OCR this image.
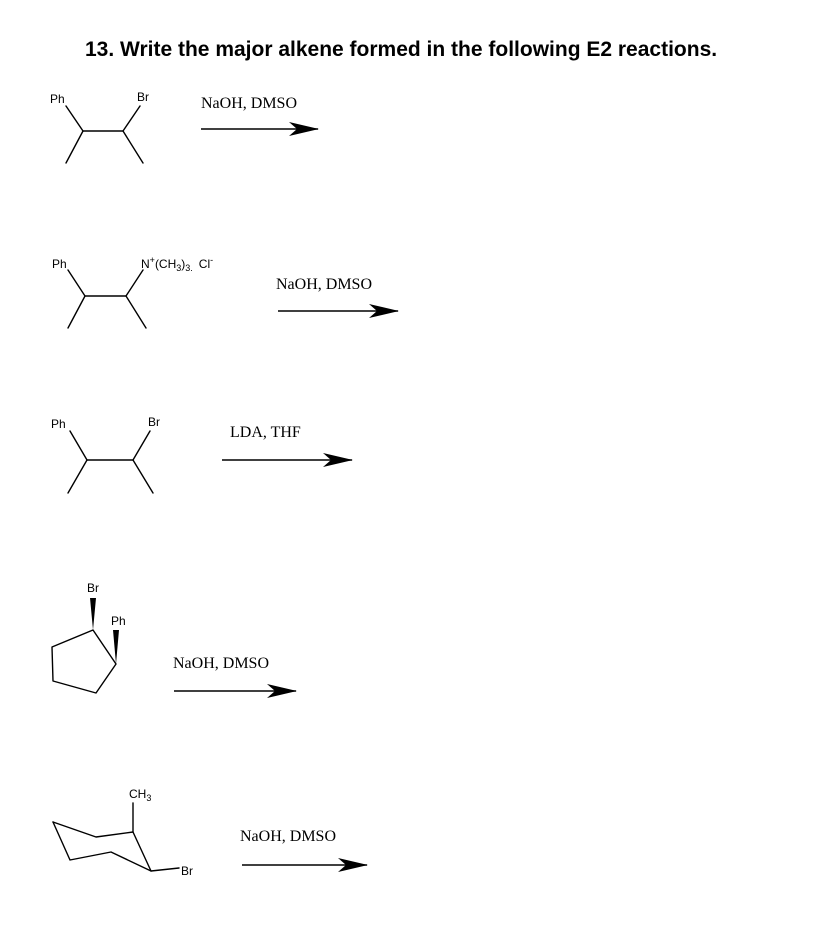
13. Write the major alkene formed in the following E2 reactions.
Ph	Br	NaOH, DMSO
Ph	$N^+(CH_3)_{3.}$ Cl-
NaOH, DMSO
Ph	Br
LDA, THF
Br
Ph
NaOH, DMSO
$CH_3$
Br
NaOH, DMSO
